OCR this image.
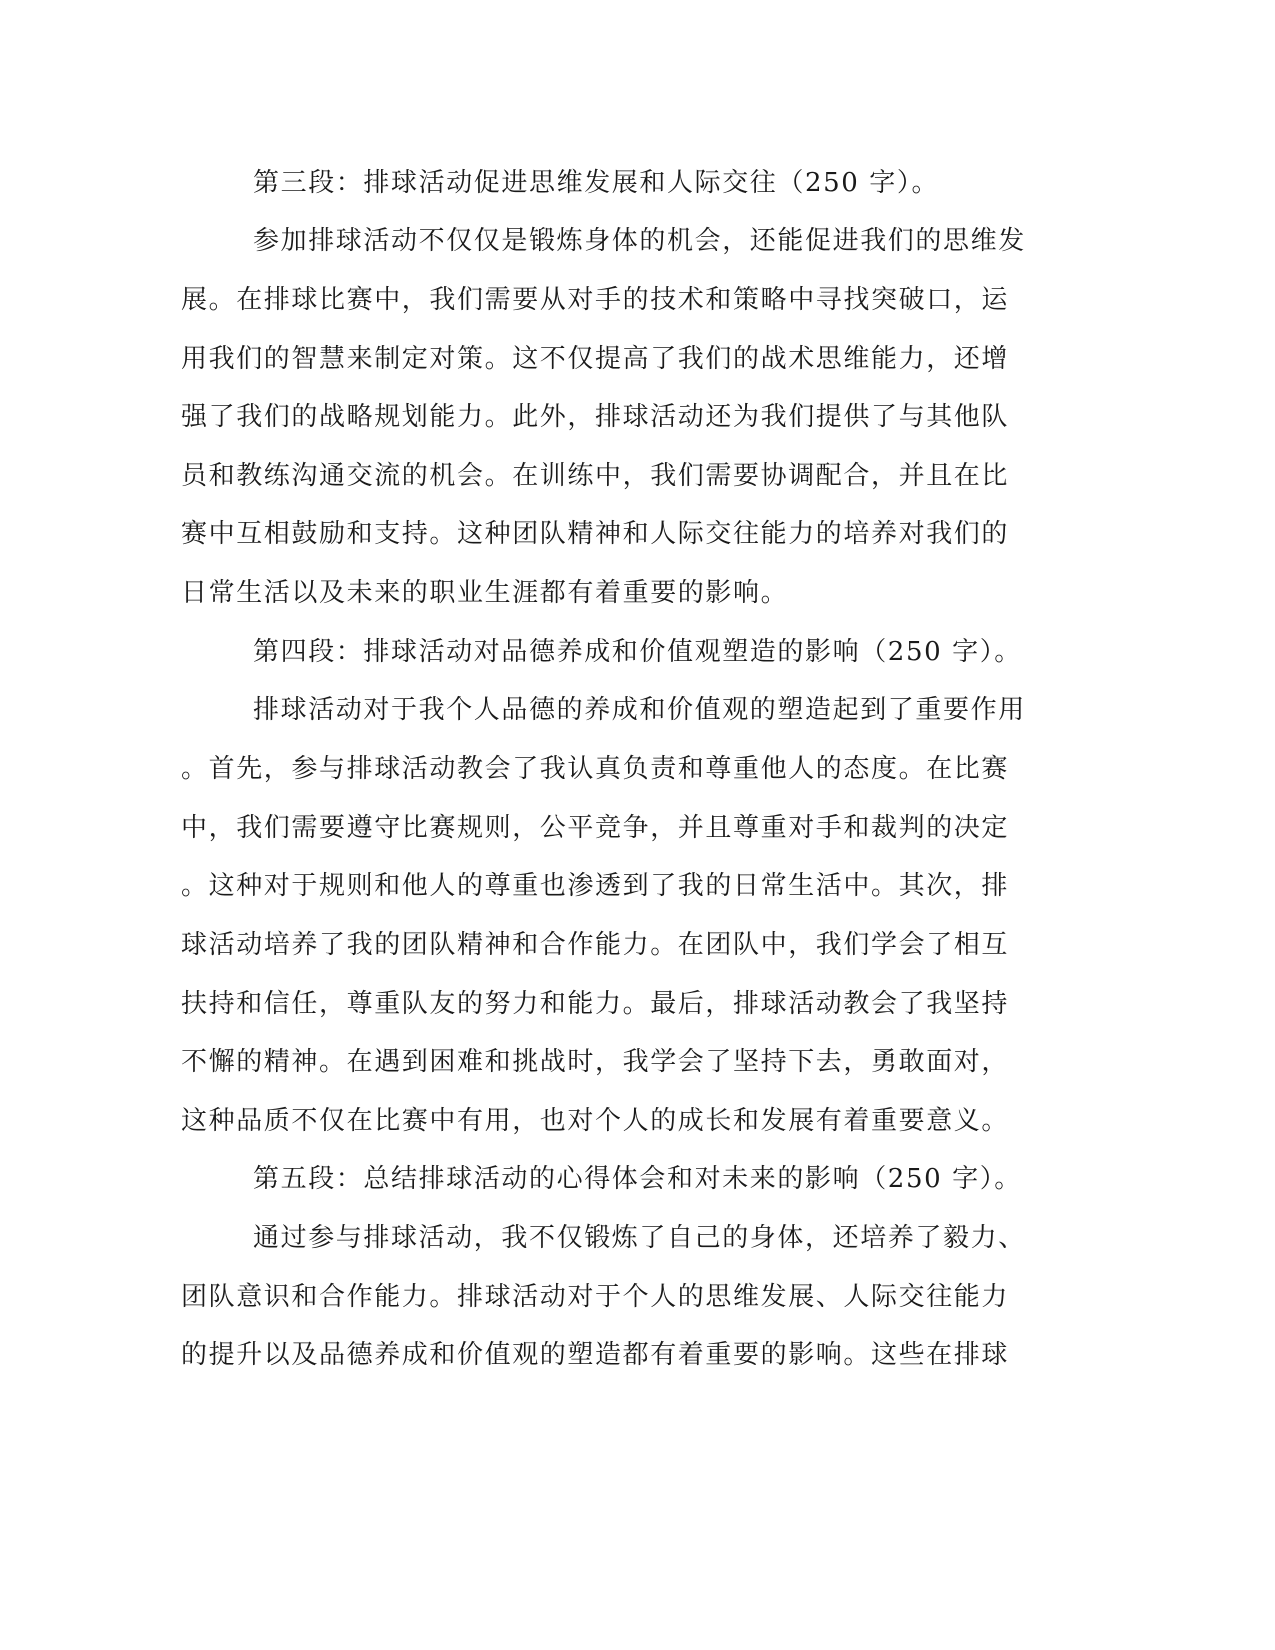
第三段：排球活动促进思维发展和人际交往（250 字）。
参加排球活动不仅仅是锻炼身体的机会，还能促进我们的思维发
展。在排球比赛中，我们需要从对手的技术和策略中寻找突破口，运
用我们的智慧来制定对策。这不仅提高了我们的战术思维能力，还增
强了我们的战略规划能力。此外，排球活动还为我们提供了与其他队
员和教练沟通交流的机会。在训练中，我们需要协调配合，并且在比
赛中互相鼓励和支持。这种团队精神和人际交往能力的培养对我们的
日常生活以及未来的职业生涯都有着重要的影响。
第四段：排球活动对品德养成和价值观塑造的影响（250 字）。
排球活动对于我个人品德的养成和价值观的塑造起到了重要作用
。首先，参与排球活动教会了我认真负责和尊重他人的态度。在比赛
中，我们需要遵守比赛规则，公平竞争，并且尊重对手和裁判的决定
。这种对于规则和他人的尊重也渗透到了我的日常生活中。其次，排
球活动培养了我的团队精神和合作能力。在团队中，我们学会了相互
扶持和信任，尊重队友的努力和能力。最后，排球活动教会了我坚持
不懈的精神。在遇到困难和挑战时，我学会了坚持下去，勇敢面对，
这种品质不仅在比赛中有用，也对个人的成长和发展有着重要意义。
第五段：总结排球活动的心得体会和对未来的影响（250 字）。
通过参与排球活动，我不仅锻炼了自己的身体，还培养了毅力、
团队意识和合作能力。排球活动对于个人的思维发展、人际交往能力
的提升以及品德养成和价值观的塑造都有着重要的影响。这些在排球
